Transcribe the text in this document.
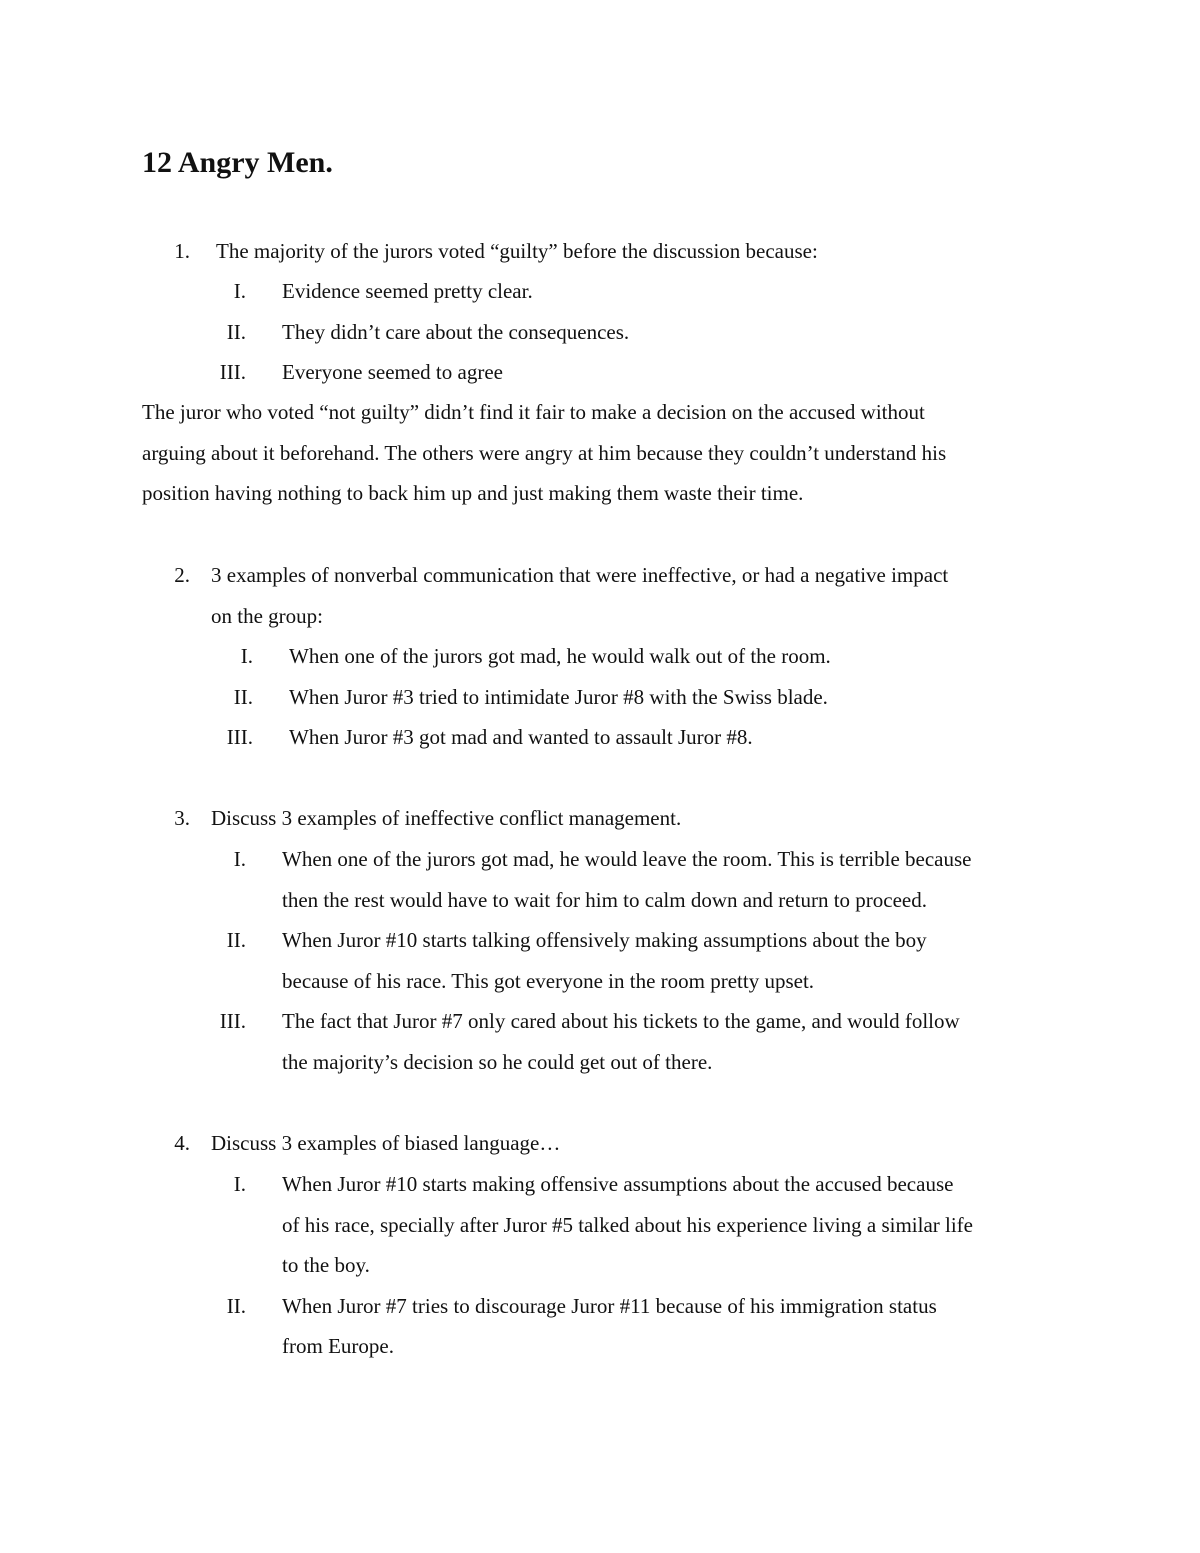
12 Angry Men.
1. The majority of the jurors voted “guilty” before the discussion because:
I. Evidence seemed pretty clear.
II. They didn’t care about the consequences.
III. Everyone seemed to agree
The juror who voted “not guilty” didn’t find it fair to make a decision on the accused without
arguing about it beforehand. The others were angry at him because they couldn’t understand his
position having nothing to back him up and just making them waste their time.
2. 3 examples of nonverbal communication that were ineffective, or had a negative impact
on the group:
I. When one of the jurors got mad, he would walk out of the room.
II. When Juror #3 tried to intimidate Juror #8 with the Swiss blade.
III. When Juror #3 got mad and wanted to assault Juror #8.
3. Discuss 3 examples of ineffective conflict management.
I. When one of the jurors got mad, he would leave the room. This is terrible because
then the rest would have to wait for him to calm down and return to proceed.
II. When Juror #10 starts talking offensively making assumptions about the boy
because of his race. This got everyone in the room pretty upset.
III. The fact that Juror #7 only cared about his tickets to the game, and would follow
the majority’s decision so he could get out of there.
4. Discuss 3 examples of biased language…
I. When Juror #10 starts making offensive assumptions about the accused because
of his race, specially after Juror #5 talked about his experience living a similar life
to the boy.
II. When Juror #7 tries to discourage Juror #11 because of his immigration status
from Europe.
